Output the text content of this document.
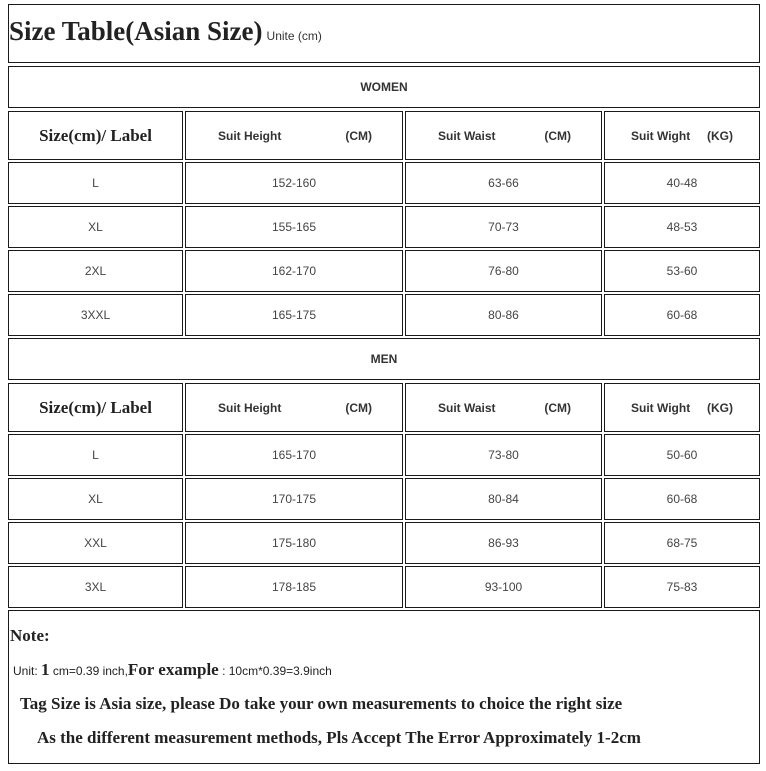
Size Table(Asian Size) Unite (cm)
WOMEN
Size(cm)/ Label	Suit Height	(CM)	Suit Waist	(CM)	Suit Wight (KG)
L	152-160	63-66	40-48
XL	155-165	70-73	48-53
2XL	162-170	76-80	53-60
3XXL	165-175	80-86	60-68
MEN
Size(cm)/ Label	Suit Height	(CM)	Suit Waist	(CM)	Suit Wight (KG)
L	165-170	73-80	50-60
XL	170-175	80-84	60-68
XXL	175-180	86-93	68-75
3XL	178-185	93-100	75-83
Note:
Unit: 1 cm=0.39 inch,For example : 10cm*0.39=3.9inch
Tag Size is Asia size, please Do take your own measurements to choice the right size
As the different measurement methods, Pls Accept The Error Approximately 1-2cm
